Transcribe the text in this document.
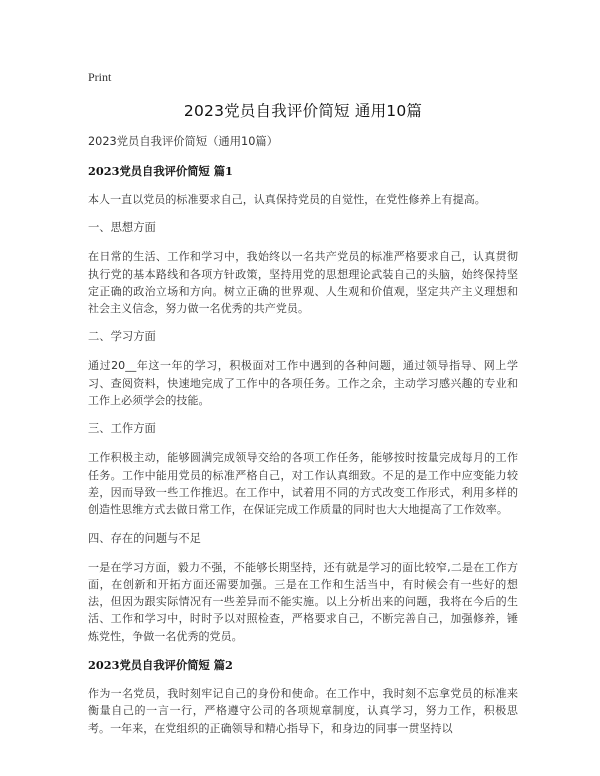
Print
2023党员自我评价简短 通用10篇
2023党员自我评价简短（通用10篇）
2023党员自我评价简短 篇1
本人一直以党员的标准要求自己，认真保持党员的自觉性，在党性修养上有提高。
一、思想方面
在日常的生活、工作和学习中，我始终以一名共产党员的标准严格要求自己，认真贯彻执行党的基本路线和各项方针政策，坚持用党的思想理论武装自己的头脑，始终保持坚定正确的政治立场和方向。树立正确的世界观、人生观和价值观，坚定共产主义理想和社会主义信念，努力做一名优秀的共产党员。
二、学习方面
通过20__年这一年的学习，积极面对工作中遇到的各种问题，通过领导指导、网上学习、查阅资料，快速地完成了工作中的各项任务。工作之余，主动学习感兴趣的专业和工作上必须学会的技能。
三、工作方面
工作积极主动，能够圆满完成领导交给的各项工作任务，能够按时按量完成每月的工作任务。工作中能用党员的标准严格自己，对工作认真细致。不足的是工作中应变能力较差，因而导致一些工作推迟。在工作中，试着用不同的方式改变工作形式，利用多样的创造性思维方式去做日常工作，在保证完成工作质量的同时也大大地提高了工作效率。
四、存在的问题与不足
一是在学习方面，毅力不强，不能够长期坚持，还有就是学习的面比较窄,二是在工作方面，在创新和开拓方面还需要加强。三是在工作和生活当中，有时候会有一些好的想法，但因为跟实际情况有一些差异而不能实施。以上分析出来的问题，我将在今后的生活、工作和学习中，时时予以对照检查，严格要求自己，不断完善自己，加强修养，锤炼党性，争做一名优秀的党员。
2023党员自我评价简短 篇2
作为一名党员，我时刻牢记自己的身份和使命。在工作中，我时刻不忘拿党员的标准来衡量自己的一言一行，严格遵守公司的各项规章制度，认真学习，努力工作，积极思考。一年来，在党组织的正确领导和精心指导下，和身边的同事一贯坚持以
